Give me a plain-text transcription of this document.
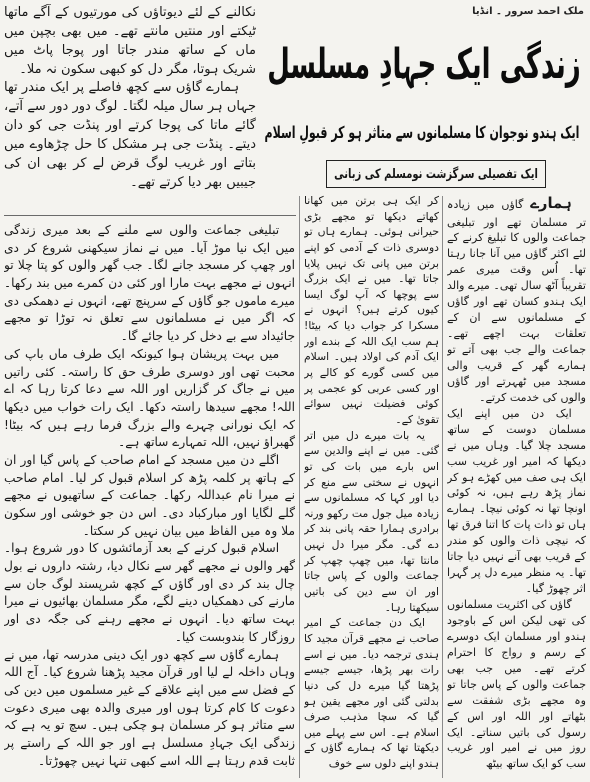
ملک احمد سرور ۔ انڈیا
زندگی ایک جہادِ مسلسل
ایک ہندو نوجوان کا مسلمانوں سے متاثر ہو کر قبولِ اسلام
ایک تفصیلی سرگزشت نومسلم کی زبانی

نکالنے کے لئے دیوتاؤں کی مورتیوں کے آگے ماتھا ٹیکتے اور منتیں مانتے تھے۔ میں بھی بچپن میں ماں کے ساتھ مندر جاتا اور پوجا پاٹ میں شریک ہوتا، مگر دل کو کبھی سکون نہ ملا۔

ہمارے گاؤں سے کچھ فاصلے پر ایک مندر تھا جہاں ہر سال میلہ لگتا۔ لوگ دور دور سے آتے، گائے ماتا کی پوجا کرتے اور پنڈت جی کو دان دیتے۔ پنڈت جی ہر مشکل کا حل چڑھاوے میں بتاتے اور غریب لوگ قرض لے کر بھی ان کی جیبیں بھر دیا کرتے تھے۔

تبلیغی جماعت والوں سے ملنے کے بعد میری زندگی میں ایک نیا موڑ آیا۔ میں نے نماز سیکھنی شروع کر دی اور چھپ کر مسجد جانے لگا۔ جب گھر والوں کو پتا چلا تو انہوں نے مجھے بہت مارا اور کئی دن کمرے میں بند رکھا۔ میرے ماموں جو گاؤں کے سرپنچ تھے، انہوں نے دھمکی دی کہ اگر میں نے مسلمانوں سے تعلق نہ توڑا تو مجھے جائیداد سے بے دخل کر دیا جائے گا۔

میں بہت پریشان ہوا کیونکہ ایک طرف ماں باپ کی محبت تھی اور دوسری طرف حق کا راستہ۔ کئی راتیں میں نے جاگ کر گزاریں اور اللہ سے دعا کرتا رہا کہ اے اللہ! مجھے سیدھا راستہ دکھا۔ ایک رات خواب میں دیکھا کہ ایک نورانی چہرے والے بزرگ فرما رہے ہیں کہ بیٹا! گھبراؤ نہیں، اللہ تمہارے ساتھ ہے۔

اگلے دن میں مسجد کے امام صاحب کے پاس گیا اور ان کے ہاتھ پر کلمہ پڑھ کر اسلام قبول کر لیا۔ امام صاحب نے میرا نام عبداللہ رکھا۔ جماعت کے ساتھیوں نے مجھے گلے لگایا اور مبارکباد دی۔ اس دن جو خوشی اور سکون ملا وہ میں الفاظ میں بیان نہیں کر سکتا۔

اسلام قبول کرنے کے بعد آزمائشوں کا دور شروع ہوا۔ گھر والوں نے مجھے گھر سے نکال دیا، رشتہ داروں نے بول چال بند کر دی اور گاؤں کے کچھ شرپسند لوگ جان سے مارنے کی دھمکیاں دینے لگے، مگر مسلمان بھائیوں نے میرا بہت ساتھ دیا۔ انہوں نے مجھے رہنے کی جگہ دی اور روزگار کا بندوبست کیا۔

ہمارے گاؤں سے کچھ دور ایک دینی مدرسہ تھا، میں نے وہاں داخلہ لے لیا اور قرآن مجید پڑھنا شروع کیا۔ آج اللہ کے فضل سے میں اپنے علاقے کے غیر مسلموں میں دین کی دعوت کا کام کرتا ہوں اور میری والدہ بھی میری دعوت سے متاثر ہو کر مسلمان ہو چکی ہیں۔ سچ تو یہ ہے کہ زندگی ایک جہادِ مسلسل ہے اور جو اللہ کے راستے پر ثابت قدم رہتا ہے اللہ اسے کبھی تنہا نہیں چھوڑتا۔

کر ایک ہی برتن میں کھانا کھاتے دیکھا تو مجھے بڑی حیرانی ہوئی۔ ہمارے ہاں تو دوسری ذات کے آدمی کو اپنے برتن میں پانی تک نہیں پلایا جاتا تھا۔ میں نے ایک بزرگ سے پوچھا کہ آپ لوگ ایسا کیوں کرتے ہیں؟ انہوں نے مسکرا کر جواب دیا کہ بیٹا! ہم سب ایک اللہ کے بندے اور ایک آدم کی اولاد ہیں۔ اسلام میں کسی گورے کو کالے پر اور کسی عربی کو عجمی پر کوئی فضیلت نہیں سوائے تقویٰ کے۔

یہ بات میرے دل میں اتر گئی۔ میں نے اپنے والدین سے اس بارے میں بات کی تو انہوں نے سختی سے منع کر دیا اور کہا کہ مسلمانوں سے زیادہ میل جول مت رکھو ورنہ برادری ہمارا حقہ پانی بند کر دے گی۔ مگر میرا دل نہیں مانتا تھا، میں چھپ چھپ کر جماعت والوں کے پاس جاتا اور ان سے دین کی باتیں سیکھتا رہا۔

ایک دن جماعت کے امیر صاحب نے مجھے قرآن مجید کا ہندی ترجمہ دیا۔ میں نے اسے رات بھر پڑھا، جیسے جیسے پڑھتا گیا میرے دل کی دنیا بدلتی گئی اور مجھے یقین ہو گیا کہ سچا مذہب صرف اسلام ہے۔ اس سے پہلے میں دیکھتا تھا کہ ہمارے گاؤں کے ہندو اپنے دلوں سے خوف

ہمارے گاؤں میں زیادہ تر مسلمان تھے اور تبلیغی جماعت والوں کا تبلیغ کرنے کے لئے اکثر گاؤں میں آنا جانا رہتا تھا۔ اُس وقت میری عمر تقریباً آٹھ سال تھی۔ میرے والد ایک ہندو کسان تھے اور گاؤں کے مسلمانوں سے ان کے تعلقات بہت اچھے تھے۔ جماعت والے جب بھی آتے تو ہمارے گھر کے قریب والی مسجد میں ٹھہرتے اور گاؤں والوں کی خدمت کرتے۔

ایک دن میں اپنے ایک مسلمان دوست کے ساتھ مسجد چلا گیا۔ وہاں میں نے دیکھا کہ امیر اور غریب سب ایک ہی صف میں کھڑے ہو کر نماز پڑھ رہے ہیں، نہ کوئی اونچا تھا نہ کوئی نیچا۔ ہمارے ہاں تو ذات پات کا اتنا فرق تھا کہ نیچی ذات والوں کو مندر کے قریب بھی آنے نہیں دیا جاتا تھا۔ یہ منظر میرے دل پر گہرا اثر چھوڑ گیا۔

گاؤں کی اکثریت مسلمانوں کی تھی لیکن اس کے باوجود ہندو اور مسلمان ایک دوسرے کے رسم و رواج کا احترام کرتے تھے۔ میں جب بھی جماعت والوں کے پاس جاتا تو وہ مجھے بڑی شفقت سے بٹھاتے اور اللہ اور اس کے رسول کی باتیں سناتے۔ ایک روز میں نے امیر اور غریب سب کو ایک ساتھ بیٹھ
